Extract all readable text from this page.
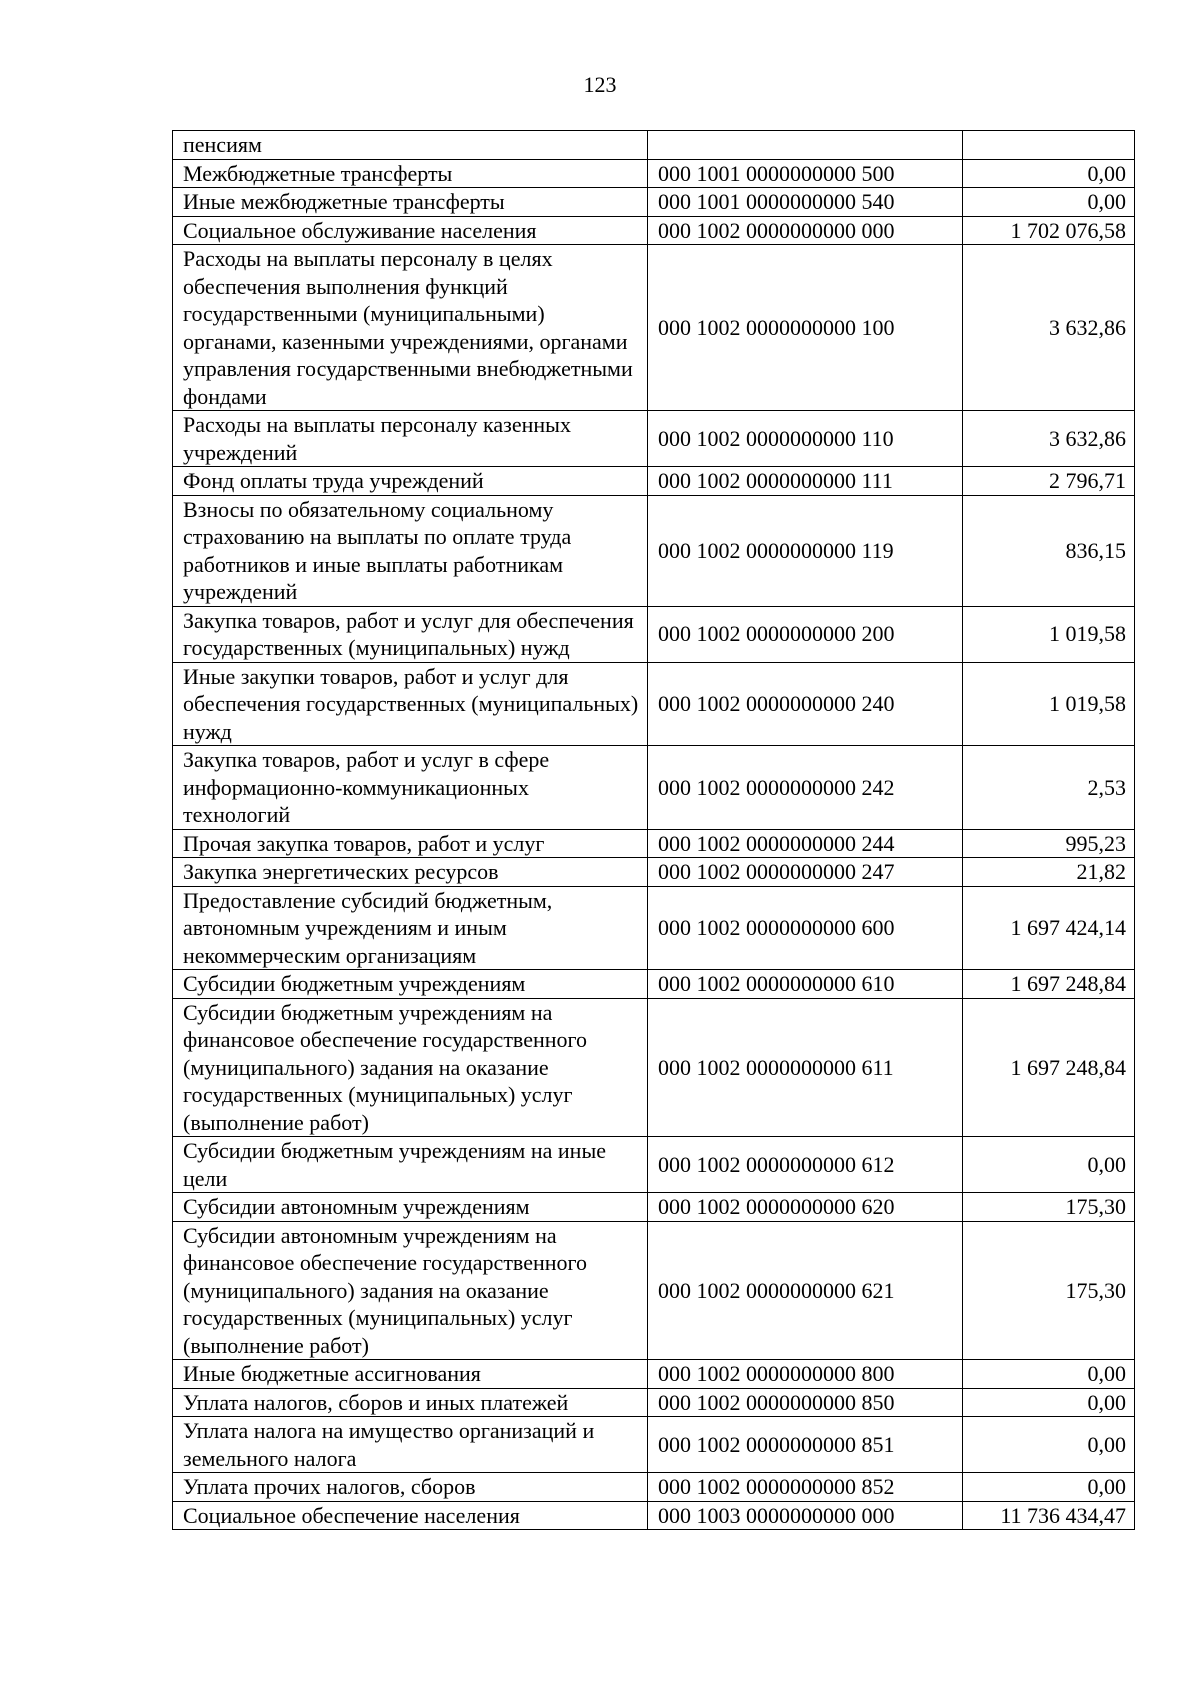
123
пенсиям		
Межбюджетные трансферты	000 1001 0000000000 500	0,00
Иные межбюджетные трансферты	000 1001 0000000000 540	0,00
Социальное обслуживание населения	000 1002 0000000000 000	1 702 076,58
Расходы на выплаты персоналу в целях обеспечения выполнения функций государственными (муниципальными) органами, казенными учреждениями, органами управления государственными внебюджетными фондами	000 1002 0000000000 100	3 632,86
Расходы на выплаты персоналу казенных учреждений	000 1002 0000000000 110	3 632,86
Фонд оплаты труда учреждений	000 1002 0000000000 111	2 796,71
Взносы по обязательному социальному страхованию на выплаты по оплате труда работников и иные выплаты работникам учреждений	000 1002 0000000000 119	836,15
Закупка товаров, работ и услуг для обеспечения государственных (муниципальных) нужд	000 1002 0000000000 200	1 019,58
Иные закупки товаров, работ и услуг для обеспечения государственных (муниципальных) нужд	000 1002 0000000000 240	1 019,58
Закупка товаров, работ и услуг в сфере информационно-коммуникационных технологий	000 1002 0000000000 242	2,53
Прочая закупка товаров, работ и услуг	000 1002 0000000000 244	995,23
Закупка энергетических ресурсов	000 1002 0000000000 247	21,82
Предоставление субсидий бюджетным, автономным учреждениям и иным некоммерческим организациям	000 1002 0000000000 600	1 697 424,14
Субсидии бюджетным учреждениям	000 1002 0000000000 610	1 697 248,84
Субсидии бюджетным учреждениям на финансовое обеспечение государственного (муниципального) задания на оказание государственных (муниципальных) услуг (выполнение работ)	000 1002 0000000000 611	1 697 248,84
Субсидии бюджетным учреждениям на иные цели	000 1002 0000000000 612	0,00
Субсидии автономным учреждениям	000 1002 0000000000 620	175,30
Субсидии автономным учреждениям на финансовое обеспечение государственного (муниципального) задания на оказание государственных (муниципальных) услуг (выполнение работ)	000 1002 0000000000 621	175,30
Иные бюджетные ассигнования	000 1002 0000000000 800	0,00
Уплата налогов, сборов и иных платежей	000 1002 0000000000 850	0,00
Уплата налога на имущество организаций и земельного налога	000 1002 0000000000 851	0,00
Уплата прочих налогов, сборов	000 1002 0000000000 852	0,00
Социальное обеспечение населения	000 1003 0000000000 000	11 736 434,47
